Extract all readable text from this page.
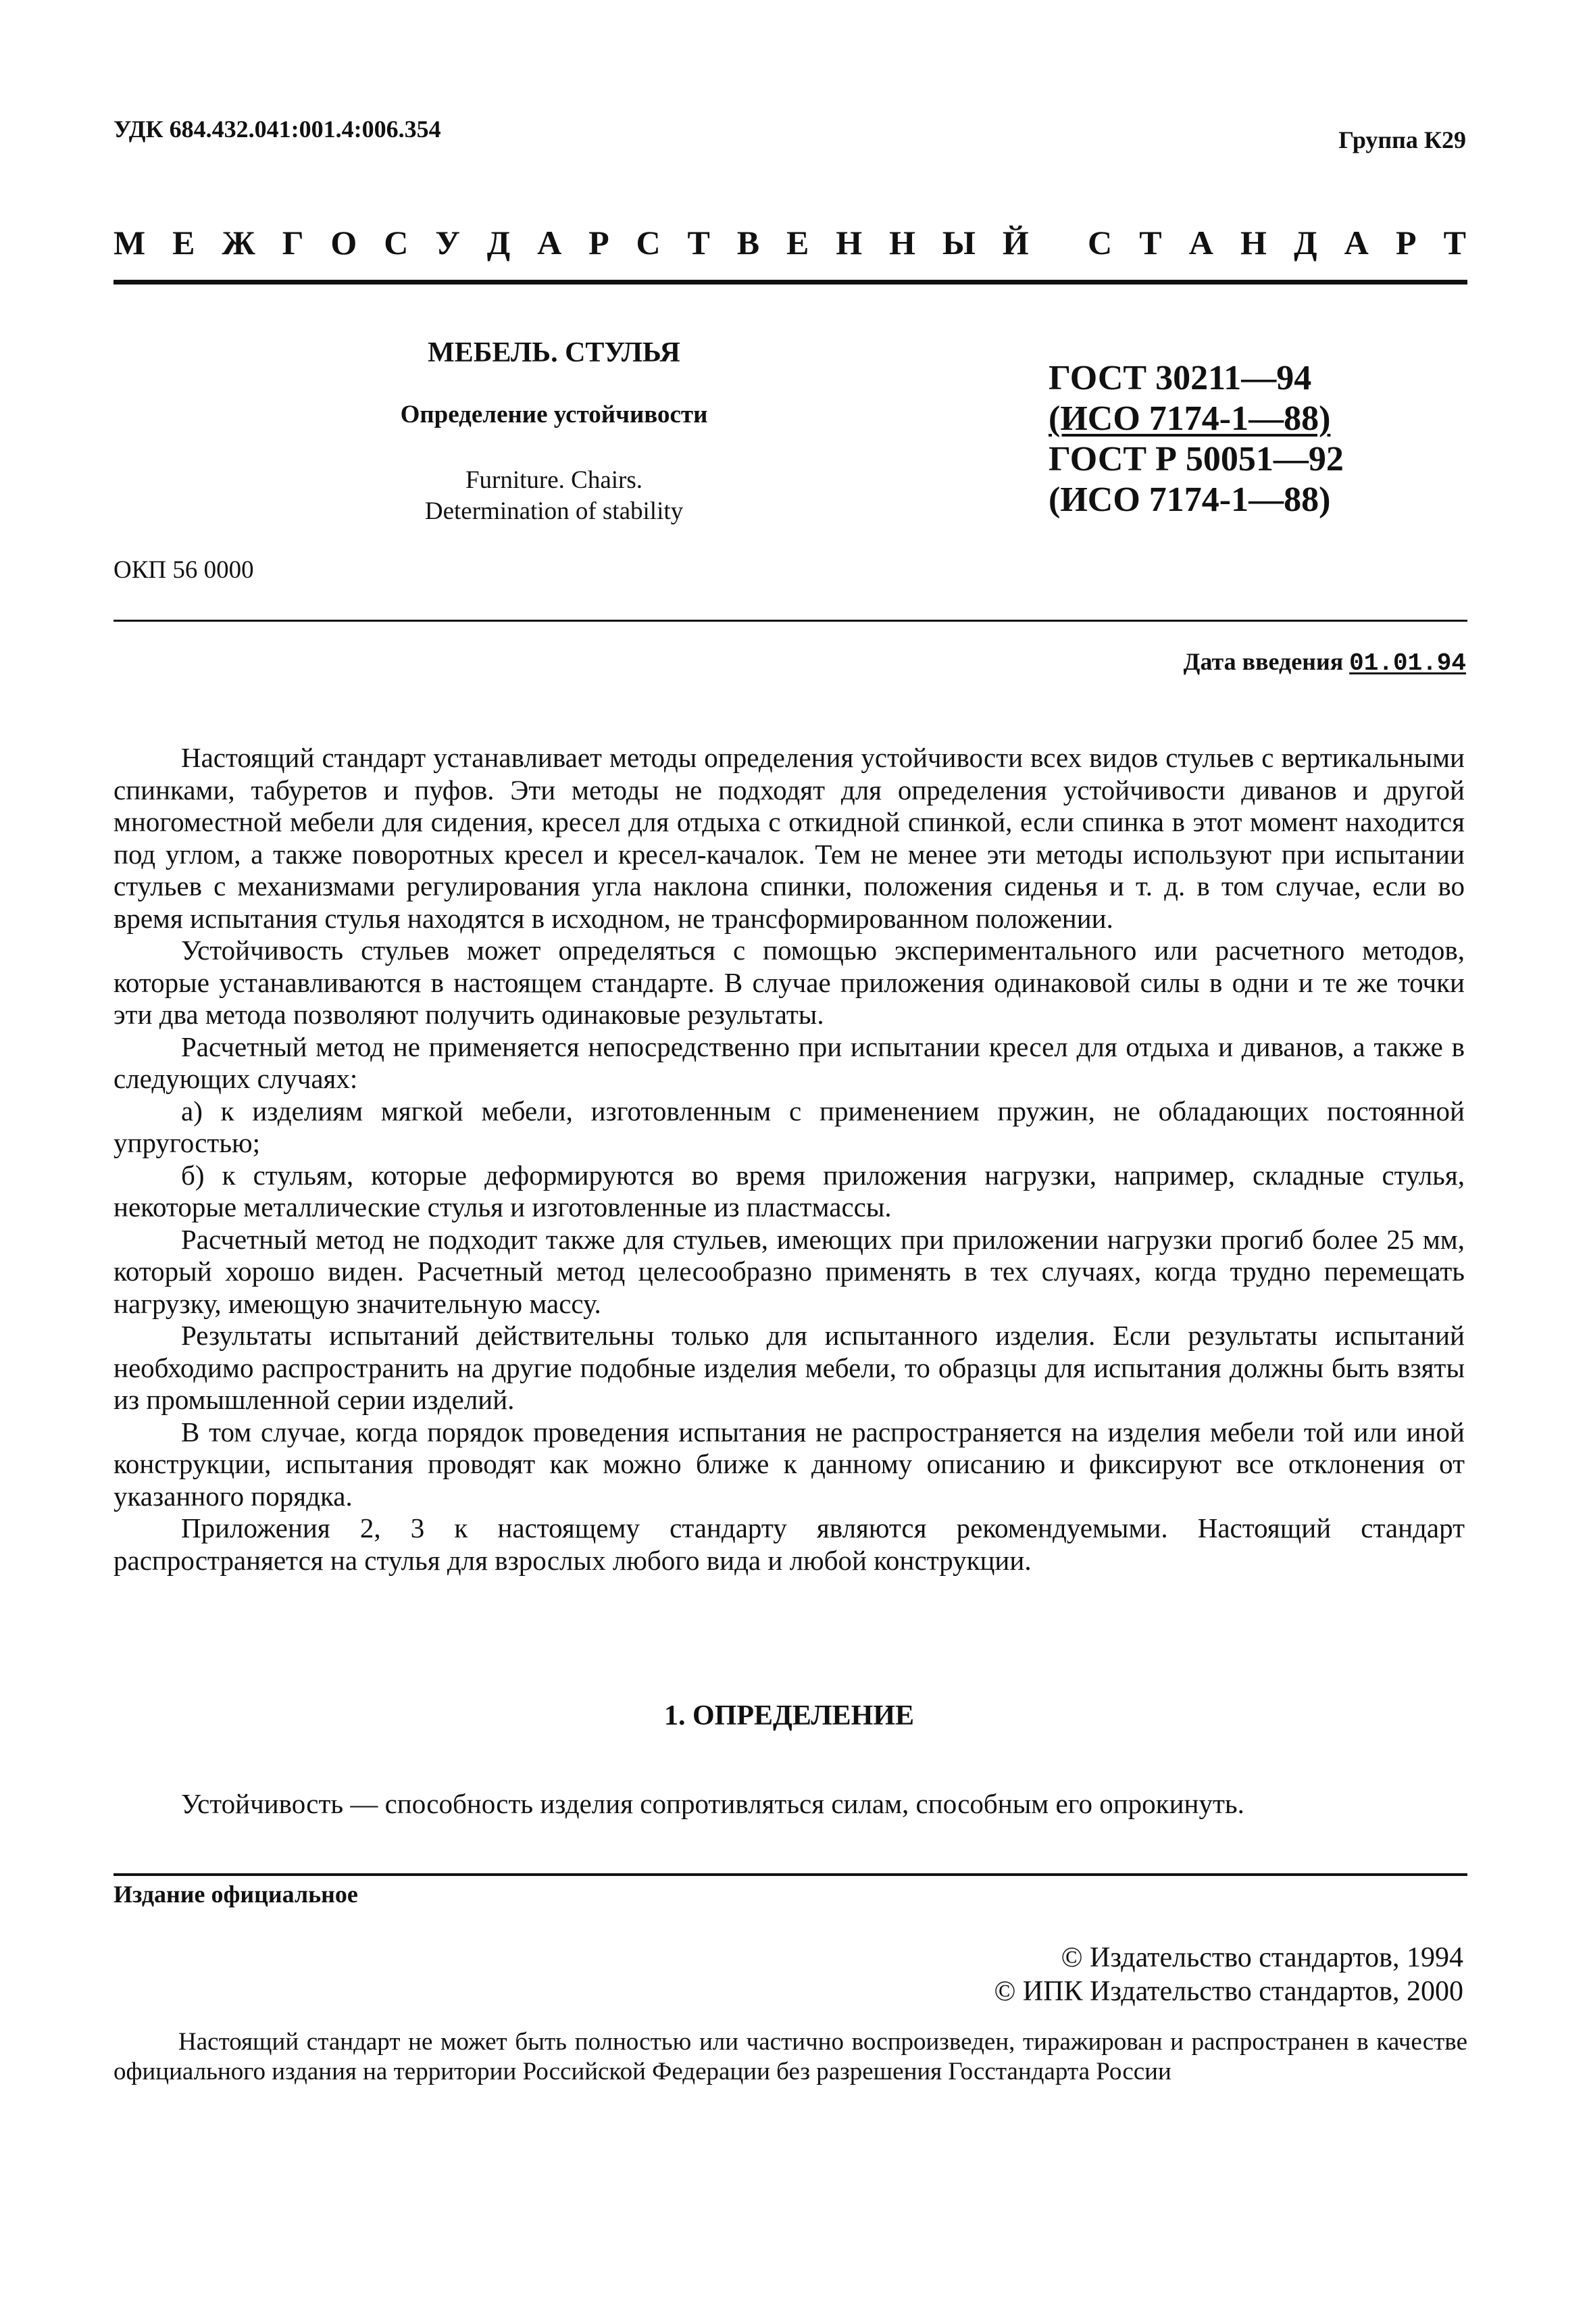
УДК 684.432.041:001.4:006.354	Группа К29
М Е Ж Г О С У Д А Р С Т В Е Н Н Ы Й С Т А Н Д А Р Т
МЕБЕЛЬ. СТУЛЬЯ
Определение устойчивости
Furniture. Chairs.
Determination of stability
ГОСТ 30211—94
(ИСО 7174-1—88)
ГОСТ Р 50051—92
(ИСО 7174-1—88)
ОКП 56 0000
Дата введения 01.01.94

Настоящий стандарт устанавливает методы определения устойчивости всех видов стульев с вертикальными спинками, табуретов и пуфов. Эти методы не подходят для определения устойчивости диванов и другой многоместной мебели для сидения, кресел для отдыха с откидной спинкой, если спинка в этот момент находится под углом, а также поворотных кресел и кресел-качалок. Тем не менее эти методы используют при испытании стульев с механизмами регулирования угла наклона спинки, положения сиденья и т. д. в том случае, если во время испытания стулья находятся в исходном, не трансформированном положении.

Устойчивость стульев может определяться с помощью экспериментального или расчетного методов, которые устанавливаются в настоящем стандарте. В случае приложения одинаковой силы в одни и те же точки эти два метода позволяют получить одинаковые результаты.

Расчетный метод не применяется непосредственно при испытании кресел для отдыха и диванов, а также в следующих случаях:

а) к изделиям мягкой мебели, изготовленным с применением пружин, не обладающих постоянной упругостью;

б) к стульям, которые деформируются во время приложения нагрузки, например, складные стулья, некоторые металлические стулья и изготовленные из пластмассы.

Расчетный метод не подходит также для стульев, имеющих при приложении нагрузки прогиб более 25 мм, который хорошо виден. Расчетный метод целесообразно применять в тех случаях, когда трудно перемещать нагрузку, имеющую значительную массу.

Результаты испытаний действительны только для испытанного изделия. Если результаты испытаний необходимо распространить на другие подобные изделия мебели, то образцы для испытания должны быть взяты из промышленной серии изделий.

В том случае, когда порядок проведения испытания не распространяется на изделия мебели той или иной конструкции, испытания проводят как можно ближе к данному описанию и фиксируют все отклонения от указанного порядка.

Приложения 2, 3 к настоящему стандарту являются рекомендуемыми. Настоящий стандарт распространяется на стулья для взрослых любого вида и любой конструкции.

1. ОПРЕДЕЛЕНИЕ
Устойчивость — способность изделия сопротивляться силам, способным его опрокинуть.
Издание официальное
© Издательство стандартов, 1994
© ИПК Издательство стандартов, 2000

Настоящий стандарт не может быть полностью или частично воспроизведен, тиражирован и распространен в качестве официального издания на территории Российской Федерации без разрешения Госстандарта России
